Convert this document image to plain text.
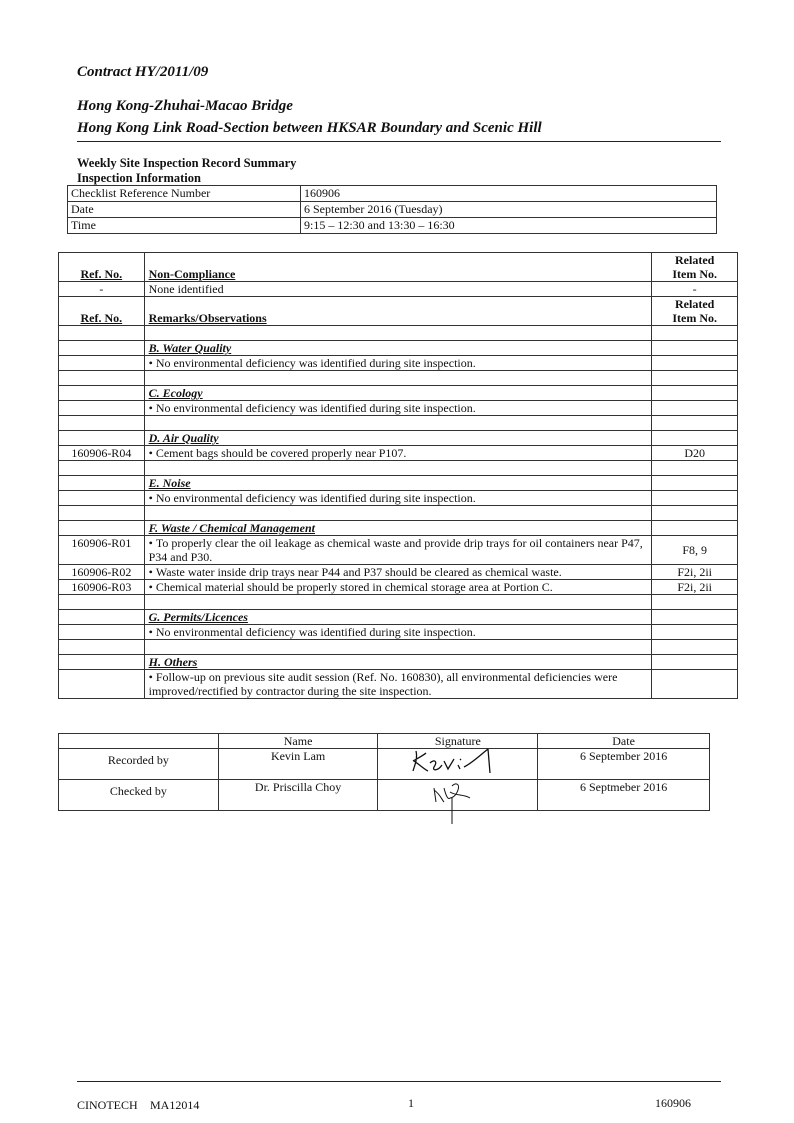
Contract HY/2011/09
Hong Kong-Zhuhai-Macao Bridge
Hong Kong Link Road-Section between HKSAR Boundary and Scenic Hill
Weekly Site Inspection Record Summary
Inspection Information
Checklist Reference Number	160906
Date	6 September 2016 (Tuesday)
Time	9:15 – 12:30 and 13:30 – 16:30
Ref. No.	Non-Compliance	Related
Item No.
-	None identified	-
Ref. No.	Remarks/Observations	Related
Item No.

	B. Water Quality	
	• No environmental deficiency was identified during site inspection.	

	C. Ecology	
	• No environmental deficiency was identified during site inspection.	

	D. Air Quality	
160906-R04	• Cement bags should be covered properly near P107.	D20

	E. Noise	
	• No environmental deficiency was identified during site inspection.	

	F. Waste / Chemical Management	
160906-R01	• To properly clear the oil leakage as chemical waste and provide drip trays for oil containers near P47, P34 and P30.	F8, 9
160906-R02	• Waste water inside drip trays near P44 and P37 should be cleared as chemical waste.	F2i, 2ii
160906-R03	• Chemical material should be properly stored in chemical storage area at Portion C.	F2i, 2ii

	G. Permits/Licences	
	• No environmental deficiency was identified during site inspection.	

	H. Others	
	• Follow-up on previous site audit session (Ref. No. 160830), all environmental deficiencies were improved/rectified by contractor during the site inspection.	
	Name	Signature	Date
Recorded by	Kevin Lam		6 September 2016
Checked by	Dr. Priscilla Choy		6 Septmeber 2016
CINOTECH MA12014	1	160906
